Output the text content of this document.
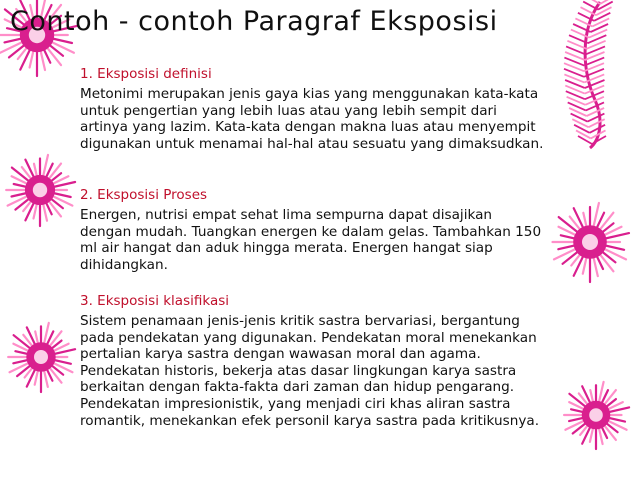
Contoh - contoh Paragraf Eksposisi
1. Eksposisi definisi
Metonimi merupakan jenis gaya kias yang menggunakan kata-kata untuk pengertian yang lebih luas atau yang lebih sempit dari artinya yang lazim. Kata-kata dengan makna luas atau menyempit digunakan untuk menamai hal-hal atau sesuatu yang dimaksudkan.
2. Eksposisi Proses
Energen, nutrisi empat sehat lima sempurna dapat disajikan dengan mudah. Tuangkan energen ke dalam gelas. Tambahkan 150 ml air hangat dan aduk hingga merata. Energen hangat siap dihidangkan.
3. Eksposisi klasifikasi
Sistem penamaan jenis-jenis kritik sastra bervariasi, bergantung pada pendekatan yang digunakan. Pendekatan moral menekankan pertalian karya sastra dengan wawasan moral dan agama. Pendekatan historis, bekerja atas dasar lingkungan karya sastra berkaitan dengan fakta-fakta dari zaman dan hidup pengarang. Pendekatan impresionistik, yang menjadi ciri khas aliran sastra romantik, menekankan efek personil karya sastra pada kritikusnya.
